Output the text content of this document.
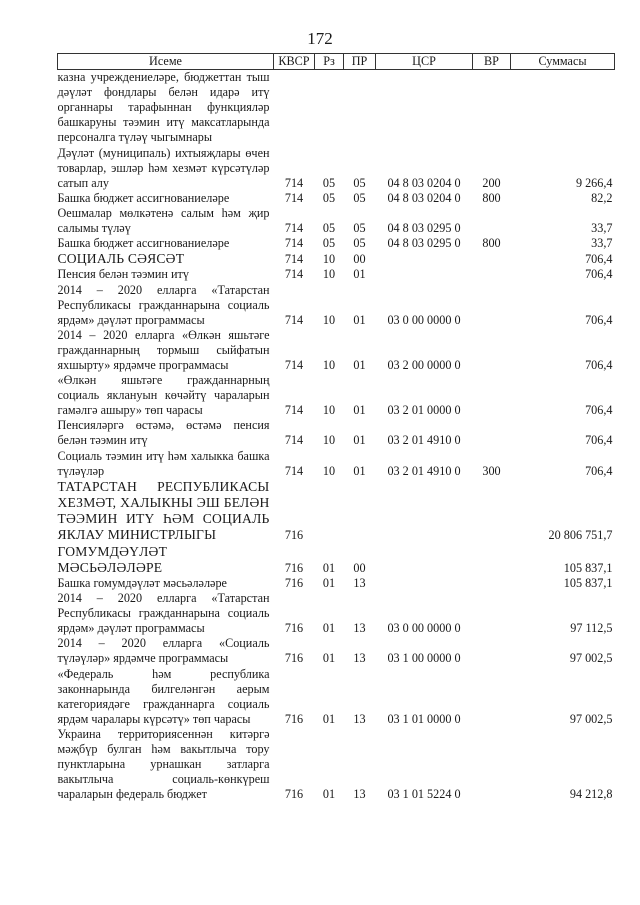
172
Исеме	КВСР	Рз	ПР	ЦСР	ВР	Суммасы
казна учреждениеләре, бюджеттан тыш дәүләт фондлары белән идарә итү органнары тарафыннан функцияләр башкаруны тәэмин итү максатларында персоналга түләү чыгымнары						
Дәүләт (муниципаль) ихтыяҗлары өчен товарлар, эшләр һәм хезмәт күрсәтүләр сатып алу	714	05	05	04 8 03 0204 0	200	9 266,4
Башка бюджет ассигнованиеләре	714	05	05	04 8 03 0204 0	800	82,2
Оешмалар мөлкәтенә салым һәм җир салымы түләү	714	05	05	04 8 03 0295 0		33,7
Башка бюджет ассигнованиеләре	714	05	05	04 8 03 0295 0	800	33,7
СОЦИАЛЬ СӘЯСӘТ	714	10	00			706,4
Пенсия белән тәэмин итү	714	10	01			706,4
2014 – 2020 елларга «Татарстан Республикасы гражданнарына социаль ярдәм» дәүләт программасы	714	10	01	03 0 00 0000 0		706,4
2014 – 2020 елларга «Өлкән яшьтәге гражданнарның тормыш сыйфатын яхшырту» ярдәмче программасы	714	10	01	03 2 00 0000 0		706,4
«Өлкән яшьтәге гражданнарның социаль яклануын көчәйтү чараларын гамәлгә ашыру» төп чарасы	714	10	01	03 2 01 0000 0		706,4
Пенсияләргә өстәмә, өстәмә пенсия белән тәэмин итү	714	10	01	03 2 01 4910 0		706,4
Социаль тәэмин итү һәм халыкка башка түләүләр	714	10	01	03 2 01 4910 0	300	706,4
ТАТАРСТАН РЕСПУБЛИКАСЫ ХЕЗМӘТ, ХАЛЫКНЫ ЭШ БЕЛӘН ТӘЭМИН ИТҮ ҺӘМ СОЦИАЛЬ ЯКЛАУ МИНИСТРЛЫГЫ	716					20 806 751,7
ГОМУМДӘҮЛӘТ МӘСЬӘЛӘЛӘРЕ	716	01	00			105 837,1
Башка гомумдәүләт мәсьәләләре	716	01	13			105 837,1
2014 – 2020 елларга «Татарстан Республикасы гражданнарына социаль ярдәм» дәүләт программасы	716	01	13	03 0 00 0000 0		97 112,5
2014 – 2020 елларга «Социаль түләүләр» ярдәмче программасы	716	01	13	03 1 00 0000 0		97 002,5
«Федераль һәм республика законнарында билгеләнгән аерым категориядәге гражданнарга социаль ярдәм чаралары күрсәтү» төп чарасы	716	01	13	03 1 01 0000 0		97 002,5
Украина территориясеннән китәргә мәҗбүр булган һәм вакытлыча тору пунктларына урнашкан затларга вакытлыча социаль-көнкүреш чараларын федераль бюджет	716	01	13	03 1 01 5224 0		94 212,8
